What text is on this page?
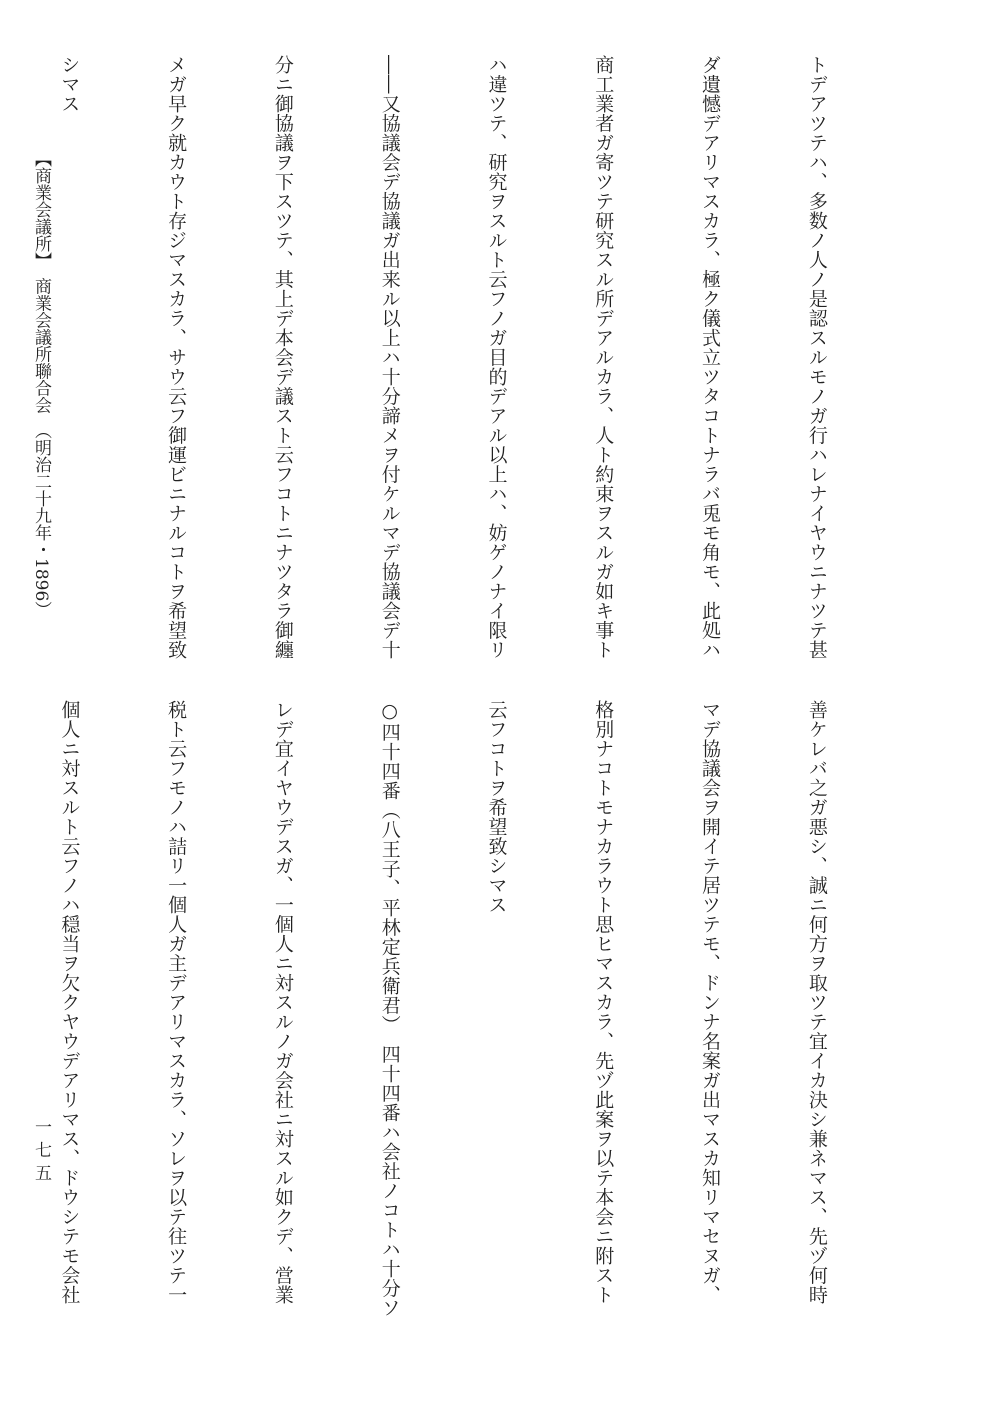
トデアツテハ、多数ノ人ノ是認スルモノガ行ハレナイヤウニナツテ甚

ダ遺憾デアリマスカラ、極ク儀式立ツタコトナラバ兎モ角モ、此処ハ

商工業者ガ寄ツテ研究スル所デアルカラ、人ト約束ヲスルガ如キ事ト

ハ違ツテ、研究ヲスルト云フノガ目的デアル以上ハ、妨ゲノナイ限リ

――又協議会デ協議ガ出来ル以上ハ十分諦メヲ付ケルマデ協議会デ十

分ニ御協議ヲ下スツテ、其上デ本会デ議スト云フコトニナツタラ御纏

メガ早ク就カウト存ジマスカラ、サウ云フ御運ビニナルコトヲ希望致

シマス

善ケレバ之ガ悪シ、誠ニ何方ヲ取ツテ宜イカ決シ兼ネマス、先ヅ何時

マデ協議会ヲ開イテ居ツテモ、ドンナ名案ガ出マスカ知リマセヌガ、

格別ナコトモナカラウト思ヒマスカラ、先ヅ此案ヲ以テ本会ニ附スト

云フコトヲ希望致シマス

○四十四番（八王子、平林定兵衛君）　四十四番ハ会社ノコトハ十分ソ

レデ宜イヤウデスガ、一個人ニ対スルノガ会社ニ対スル如クデ、営業

税ト云フモノハ詰リ一個人ガ主デアリマスカラ、ソレヲ以テ往ツテ一

個人ニ対スルト云フノハ穏当ヲ欠クヤウデアリマス、ドウシテモ会社

【商業会議所】　商業会議所聯合会　（明治二十九年・1896）
一七五
